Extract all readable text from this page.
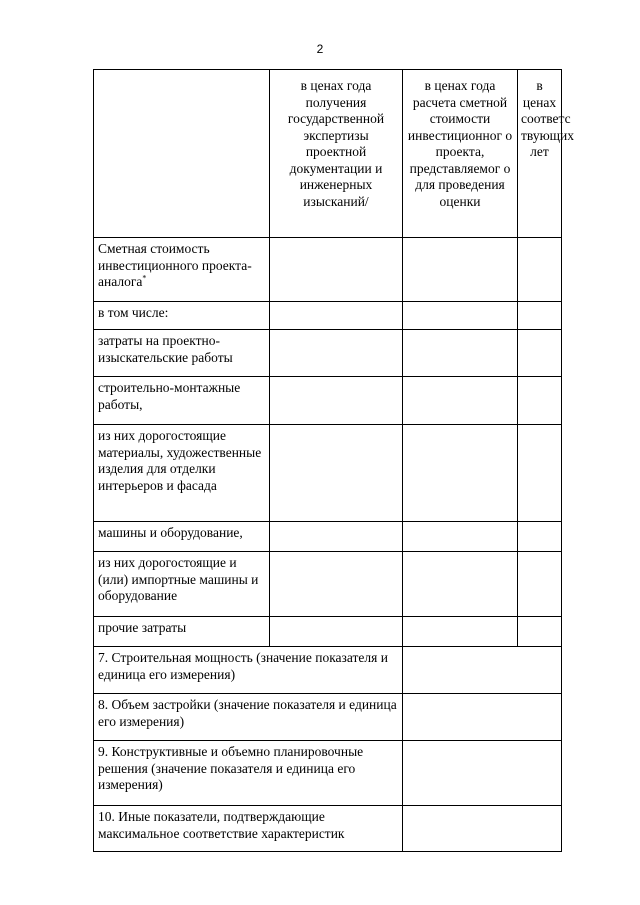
2
	в ценах года получения государственной экспертизы проектной документации и инженерных изысканий/	в ценах года расчета сметной стоимости инвестиционног о проекта, представляемог о для проведения оценки	в ценах соответс твующих лет
Сметная стоимость инвестиционного проекта-аналога*			
в том числе:			
затраты на проектно-изыскательские работы			
строительно-монтажные работы,			
из них дорогостоящие материалы, художественные изделия для отделки интерьеров и фасада			
машины и оборудование,			
из них дорогостоящие и (или) импортные машины и оборудование			
прочие затраты			
7. Строительная мощность (значение показателя и единица его измерения)			
8. Объем застройки (значение показателя и единица его измерения)			
9. Конструктивные и объемно планировочные решения (значение показателя и единица его измерения)			
10. Иные показатели, подтверждающие максимальное соответствие характеристик			
